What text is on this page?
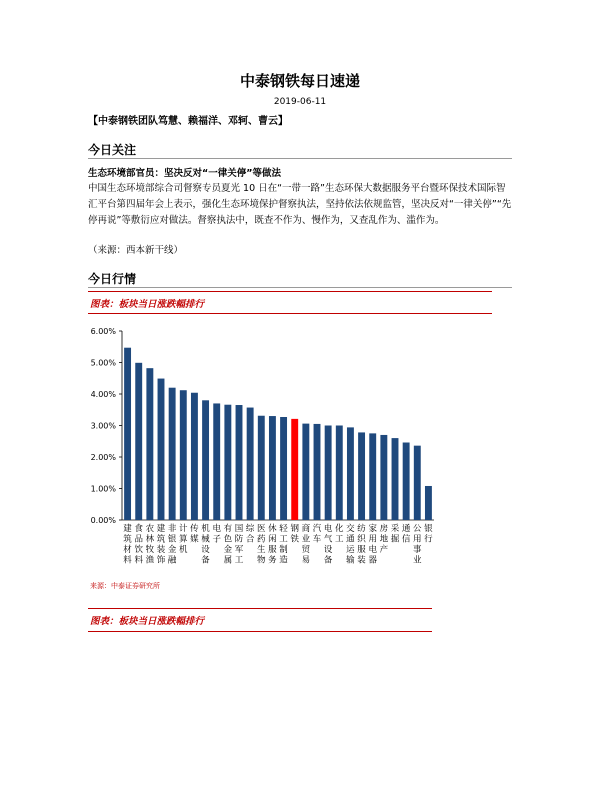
中泰钢铁每日速递
2019-06-11
【中泰钢铁团队笃慧、赖福洋、邓轲、曹云】
今日关注
生态环境部官员：坚决反对“一律关停”等做法
中国生态环境部综合司督察专员夏光 10 日在“一带一路”生态环保大数据服务平台暨环保技术国际智汇平台第四届年会上表示，强化生态环境保护督察执法，坚持依法依规监管，坚决反对“一律关停”“先停再说”等敷衍应对做法。督察执法中，既查不作为、慢作为，又查乱作为、滥作为。
（来源：西本新干线）
今日行情
图表：板块当日涨跌幅排行
0.00%
1.00%
2.00%
3.00%
4.00%
5.00%
6.00%
建筑材料
食品饮料
农林牧渔
建筑装饰
非银金融
计算机
传媒
机械设备
电子
有色金属
国防军工
综合
医药生物
休闲服务
轻工制造
钢铁
商业贸易
汽车
电气设备
化工
交通运输
纺织服装
家用电器
房地产
采掘
通信
公用事业
银行
来源：中泰证券研究所
图表：板块当日涨跌幅排行
